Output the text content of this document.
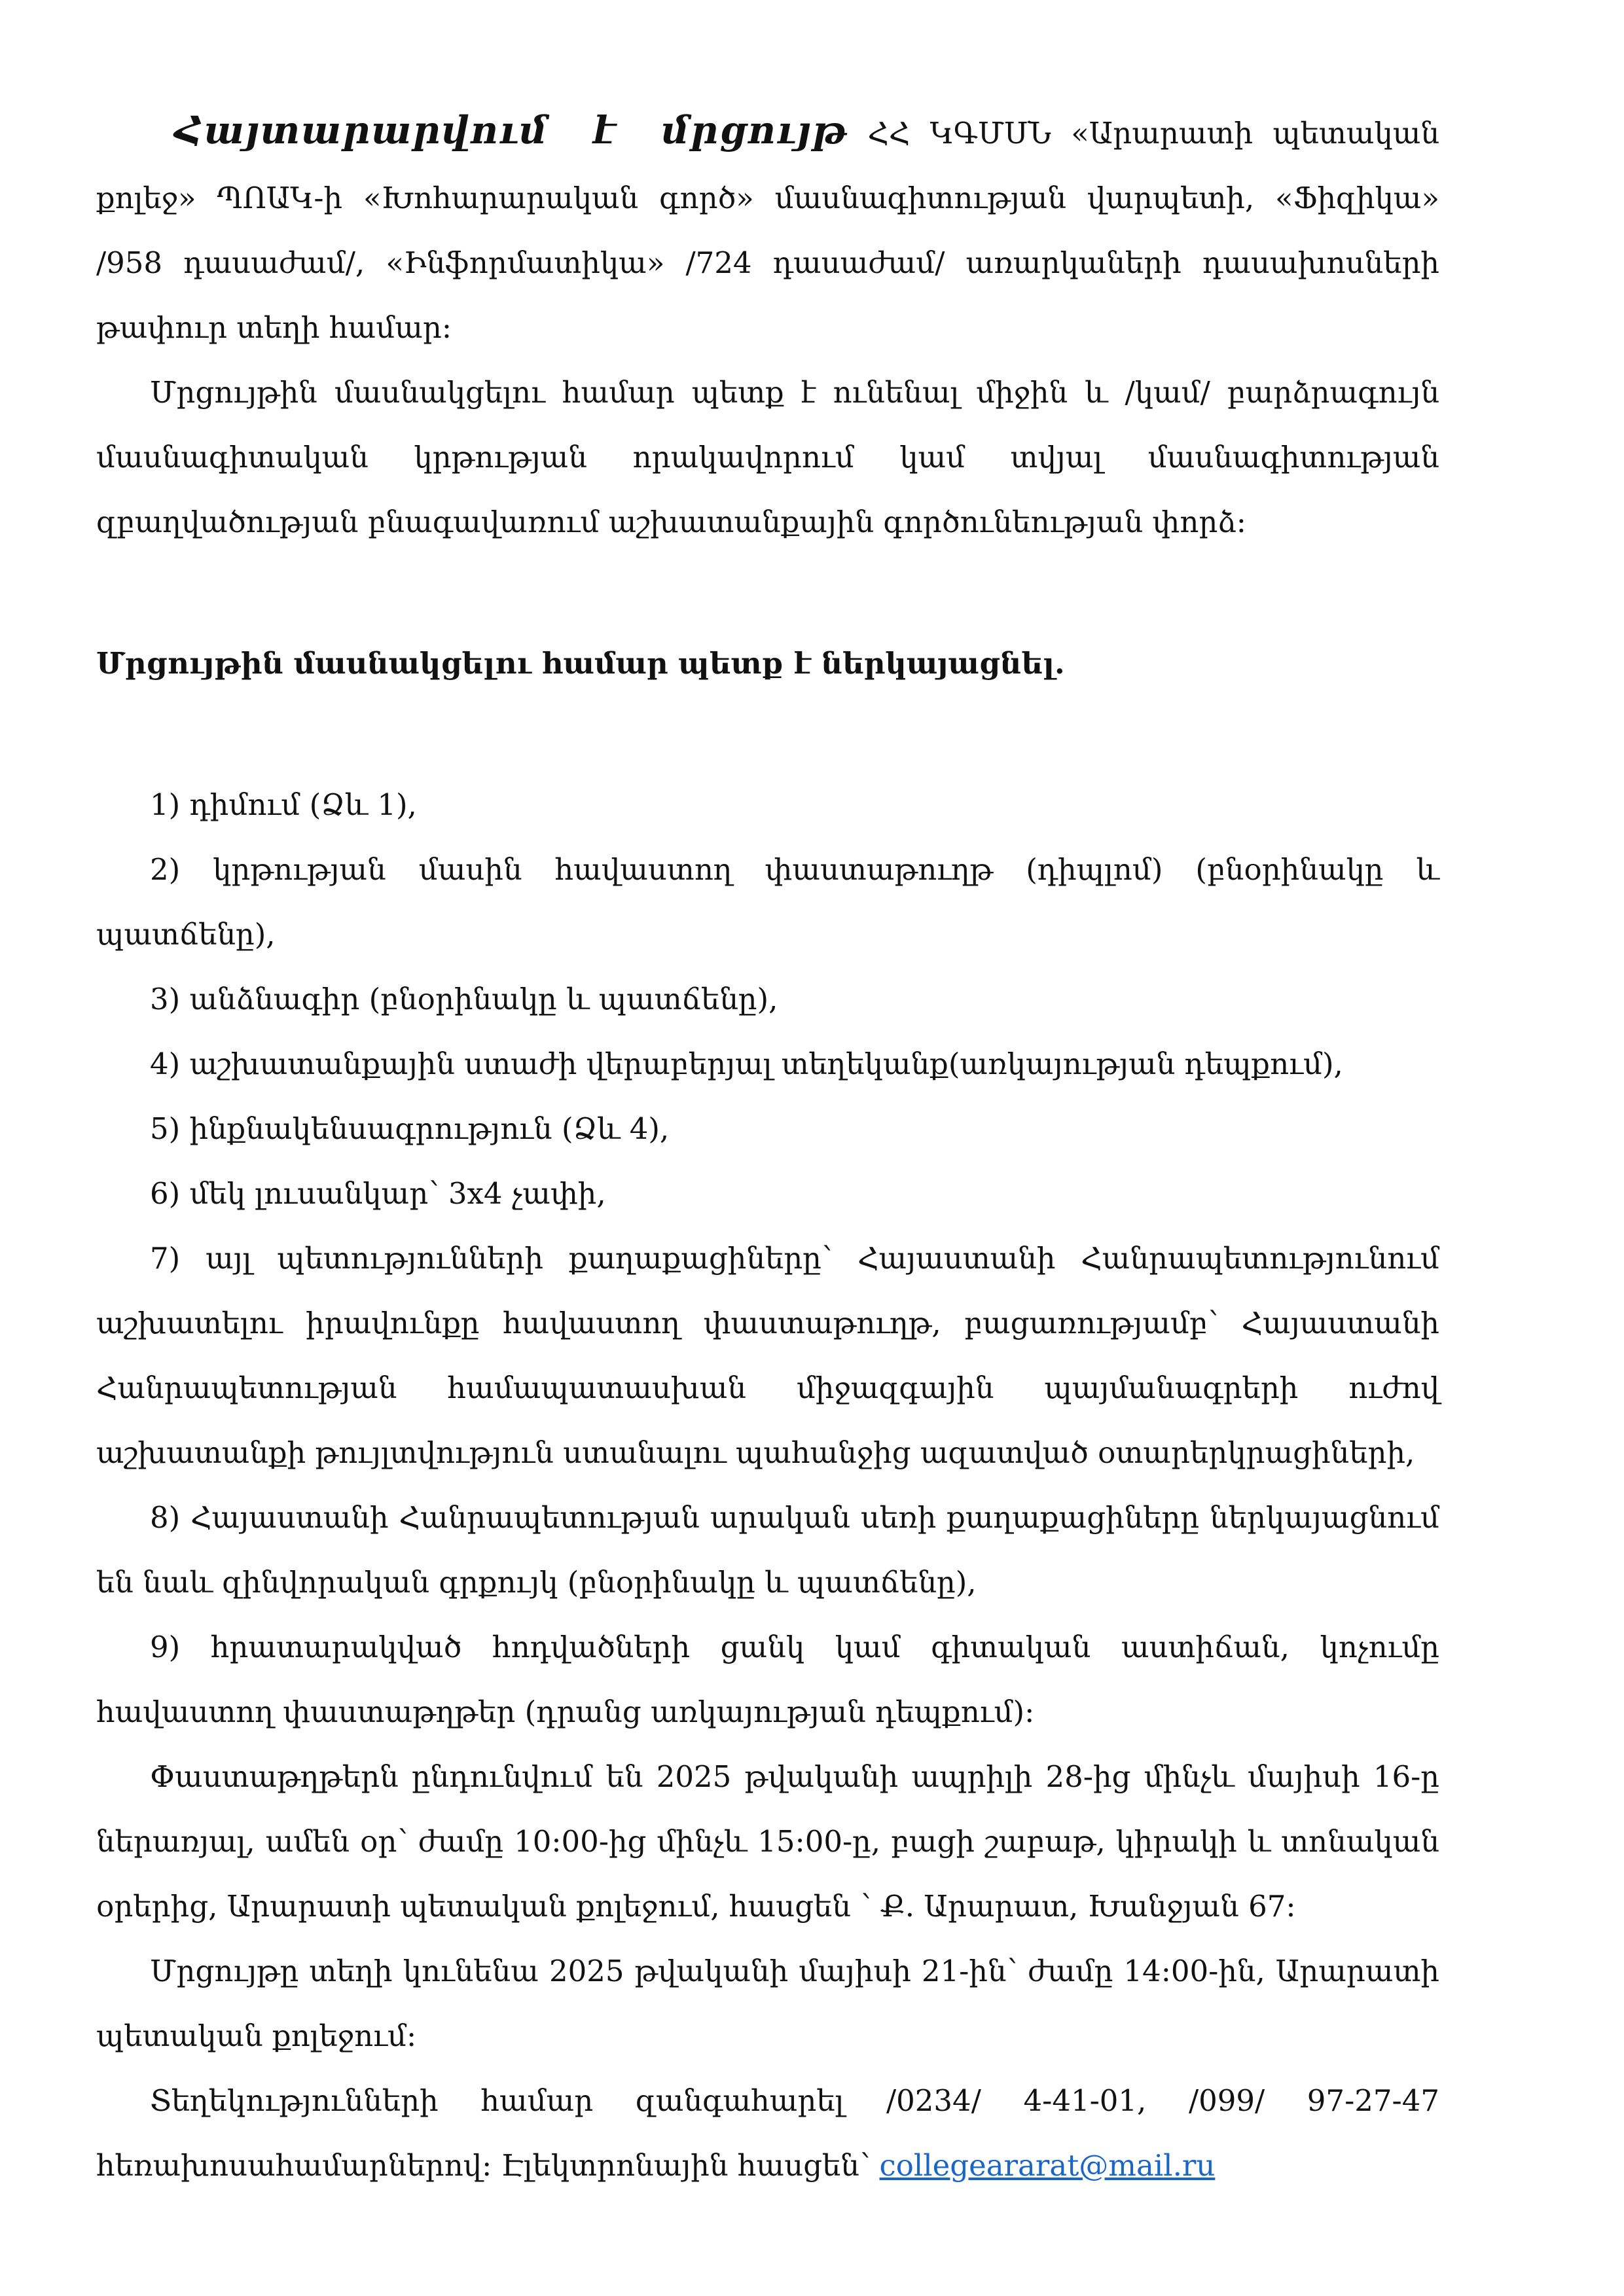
Հայտարարվում է մրցույթ ՀՀ ԿԳՄՍՆ «Արարատի պետական քոլեջ» ՊՈԱԿ-ի «Խոհարարական գործ» մասնագիտության վարպետի, «Ֆիզիկա» /958 դասաժամ/, «Ինֆորմատիկա» /724 դասաժամ/ առարկաների դասախոսների թափուր տեղի համար:

Մրցույթին մասնակցելու համար պետք է ունենալ միջին և /կամ/ բարձրագույն մասնագիտական կրթության որակավորում կամ տվյալ մասնագիտության զբաղվածության բնագավառում աշխատանքային գործունեության փորձ:

Մրցույթին մասնակցելու համար պետք է ներկայացնել.

1) դիմում (Ձև 1),

2) կրթության մասին հավաստող փաստաթուղթ (դիպլոմ) (բնօրինակը և պատճենը),

3) անձնագիր (բնօրինակը և պատճենը),

4) աշխատանքային ստաժի վերաբերյալ տեղեկանք(առկայության դեպքում),

5) ինքնակենսագրություն (Ձև 4),

6) մեկ լուսանկար՝ 3x4 չափի,

7) այլ պետությունների քաղաքացիները՝ Հայաստանի Հանրապետությունում աշխատելու իրավունքը հավաստող փաստաթուղթ, բացառությամբ՝ Հայաստանի Հանրապետության համապատասխան միջազգային պայմանագրերի ուժով աշխատանքի թույլտվություն ստանալու պահանջից ազատված օտարերկրացիների,

8) Հայաստանի Հանրապետության արական սեռի քաղաքացիները ներկայացնում են նաև զինվորական գրքույկ (բնօրինակը և պատճենը),

9) հրատարակված հոդվածների ցանկ կամ գիտական աստիճան, կոչումը հավաստող փաստաթղթեր (դրանց առկայության դեպքում):

Փաստաթղթերն ընդունվում են 2025 թվականի ապրիլի 28-ից մինչև մայիսի 16-ը ներառյալ, ամեն օր՝ ժամը 10:00-ից մինչև 15:00-ը, բացի շաբաթ, կիրակի և տոնական օրերից, Արարատի պետական քոլեջում, հասցեն ՝ Ք. Արարատ, Խանջյան 67:

Մրցույթը տեղի կունենա 2025 թվականի մայիսի 21-ին՝ ժամը 14:00-ին, Արարատի պետական քոլեջում:

Տեղեկությունների համար զանգահարել /0234/ 4-41-01, /099/ 97-27-47 հեռախոսահամարներով: Էլեկտրոնային հասցեն՝ collegeararat@mail.ru
